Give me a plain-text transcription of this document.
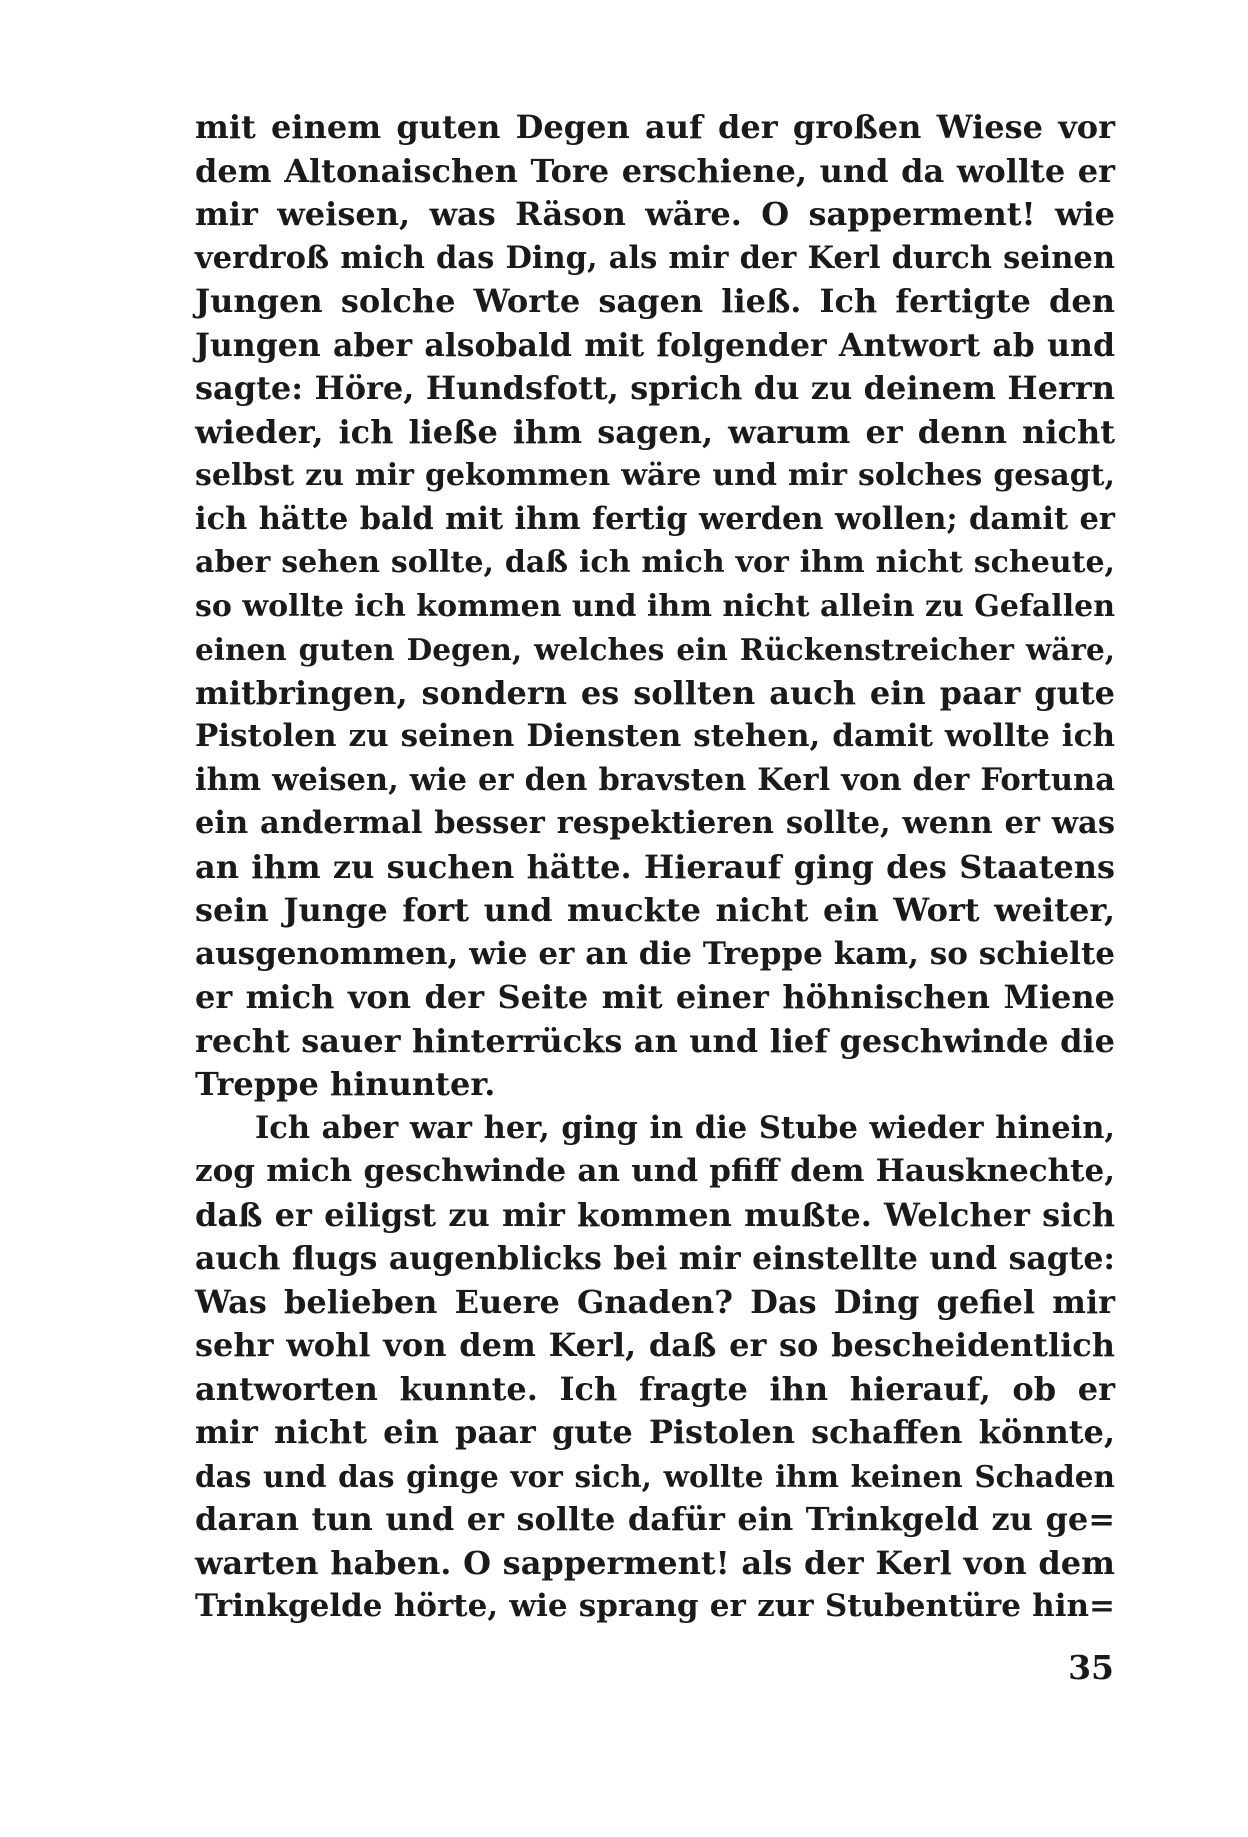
mit einem guten Degen auf der großen Wiese vor
dem Altonaischen Tore erschiene, und da wollte er
mir weisen, was Räson wäre. O sapperment! wie
verdroß mich das Ding, als mir der Kerl durch seinen
Jungen solche Worte sagen ließ. Ich fertigte den
Jungen aber alsobald mit folgender Antwort ab und
sagte: Höre, Hundsfott, sprich du zu deinem Herrn
wieder, ich ließe ihm sagen, warum er denn nicht
selbst zu mir gekommen wäre und mir solches gesagt,
ich hätte bald mit ihm fertig werden wollen; damit er
aber sehen sollte, daß ich mich vor ihm nicht scheute,
so wollte ich kommen und ihm nicht allein zu Gefallen
einen guten Degen, welches ein Rückenstreicher wäre,
mitbringen, sondern es sollten auch ein paar gute
Pistolen zu seinen Diensten stehen, damit wollte ich
ihm weisen, wie er den bravsten Kerl von der Fortuna
ein andermal besser respektieren sollte, wenn er was
an ihm zu suchen hätte. Hierauf ging des Staatens
sein Junge fort und muckte nicht ein Wort weiter,
ausgenommen, wie er an die Treppe kam, so schielte
er mich von der Seite mit einer höhnischen Miene
recht sauer hinterrücks an und lief geschwinde die
Treppe hinunter.
Ich aber war her, ging in die Stube wieder hinein,
zog mich geschwinde an und pfiff dem Hausknechte,
daß er eiligst zu mir kommen mußte. Welcher sich
auch flugs augenblicks bei mir einstellte und sagte:
Was belieben Euere Gnaden? Das Ding gefiel mir
sehr wohl von dem Kerl, daß er so bescheidentlich
antworten kunnte. Ich fragte ihn hierauf, ob er
mir nicht ein paar gute Pistolen schaffen könnte,
das und das ginge vor sich, wollte ihm keinen Schaden
daran tun und er sollte dafür ein Trinkgeld zu ge=
warten haben. O sapperment! als der Kerl von dem
Trinkgelde hörte, wie sprang er zur Stubentüre hin=
35
